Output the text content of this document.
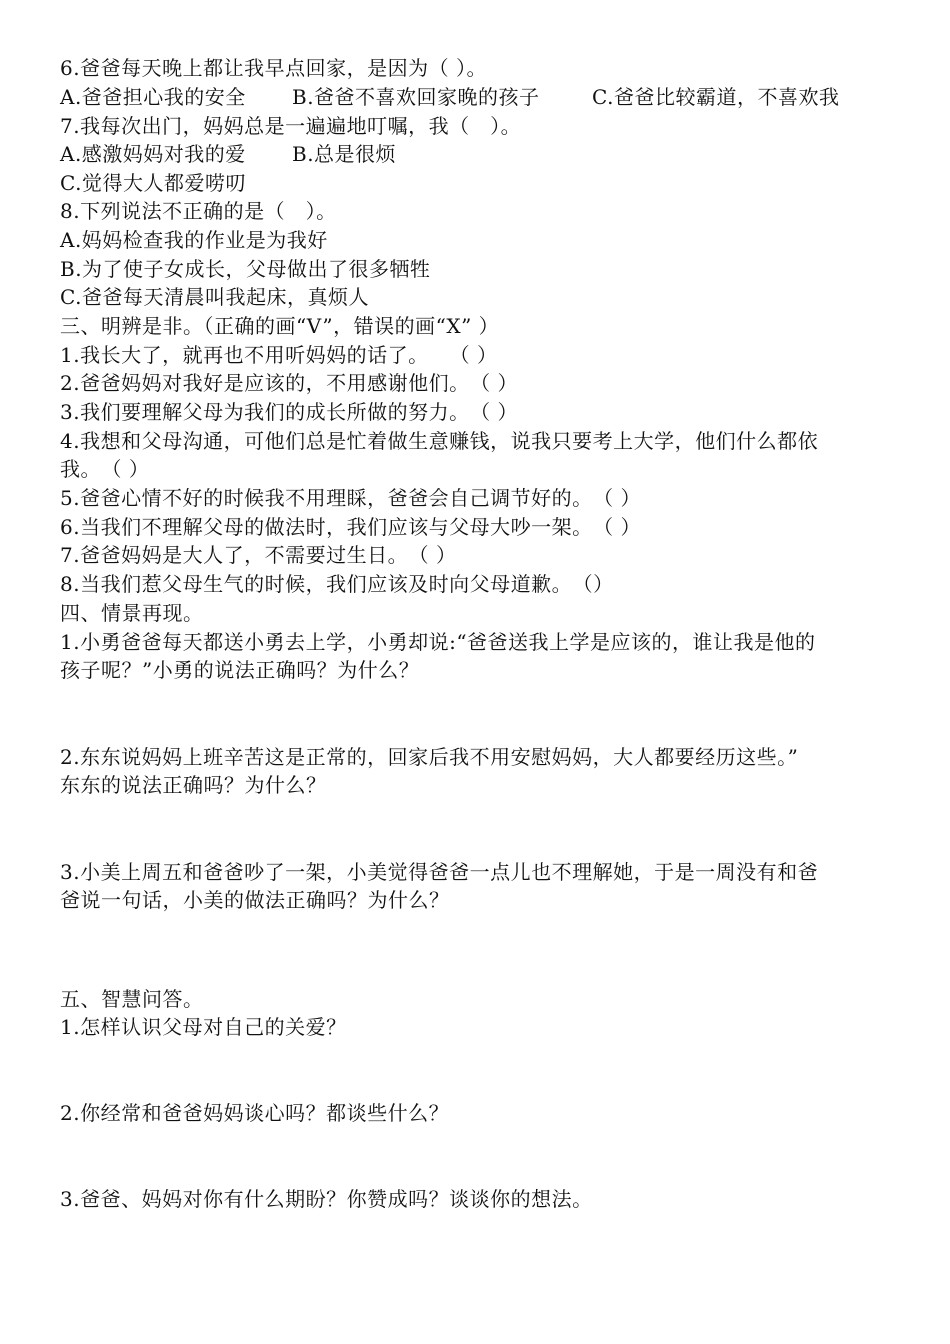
6.爸爸每天晚上都让我早点回家，是因为（ ）。
A.爸爸担心我的安全 B.爸爸不喜欢回家晚的孩子	C.爸爸比较霸道，不喜欢我
7.我每次出门，妈妈总是一遍遍地叮嘱，我（　）。
A.感激妈妈对我的爱 B.总是很烦
C.觉得大人都爱唠叨
8.下列说法不正确的是（　）。
A.妈妈检查我的作业是为我好
B.为了使子女成长，父母做出了很多牺牲
C.爸爸每天清晨叫我起床，真烦人
三、明辨是非。（正确的画“V”，错误的画“X” ）
1.我长大了，就再也不用听妈妈的话了。　　（ ）
2.爸爸妈妈对我好是应该的，不用感谢他们。　（ ）
3.我们要理解父母为我们的成长所做的努力。　（ ）
4.我想和父母沟通，可他们总是忙着做生意赚钱，说我只要考上大学，他们什么都依
我。　（ ）
5.爸爸心情不好的时候我不用理睬，爸爸会自己调节好的。　（ ）
6.当我们不理解父母的做法时，我们应该与父母大吵一架。　（ ）
7.爸爸妈妈是大人了，不需要过生日。　（ ）
8.当我们惹父母生气的时候，我们应该及时向父母道歉。　（）
四、情景再现。
1.小勇爸爸每天都送小勇去上学，小勇却说:“爸爸送我上学是应该的，谁让我是他的
孩子呢？”小勇的说法正确吗？为什么？
2.东东说妈妈上班辛苦这是正常的，回家后我不用安慰妈妈，大人都要经历这些。”
东东的说法正确吗？为什么？
3.小美上周五和爸爸吵了一架，小美觉得爸爸一点儿也不理解她，于是一周没有和爸
爸说一句话，小美的做法正确吗？为什么？
五、智慧问答。
1.怎样认识父母对自己的关爱？
2.你经常和爸爸妈妈谈心吗？都谈些什么？
3.爸爸、妈妈对你有什么期盼？你赞成吗？谈谈你的想法。
